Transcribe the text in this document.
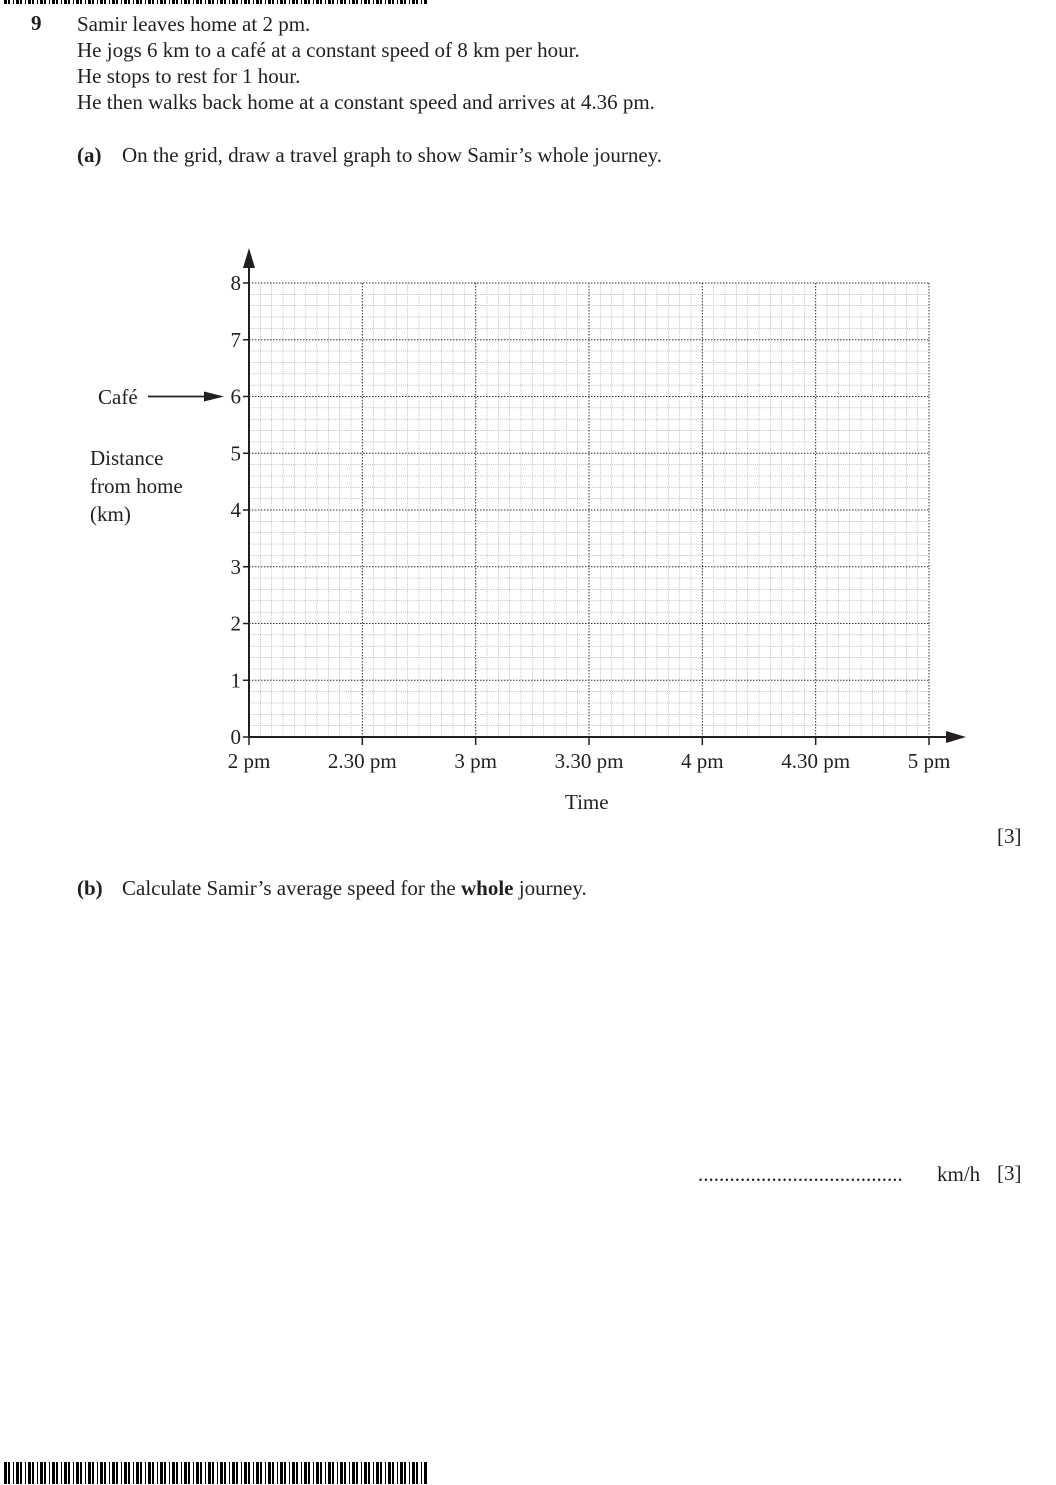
9 Samir leaves home at 2 pm.
He jogs 6 km to a café at a constant speed of 8 km per hour.
He stops to rest for 1 hour.
He then walks back home at a constant speed and arrives at 4.36 pm.
(a) On the grid, draw a travel graph to show Samir’s whole journey.
0
1
2
3
4
5
6
7
8
2 pm	2.30 pm	3 pm	3.30 pm	4 pm	4.30 pm	5 pm
Café
Distance
from home
(km)
Time
[3]
(b) Calculate Samir’s average speed for the whole journey.
....................................... km/h [3]
